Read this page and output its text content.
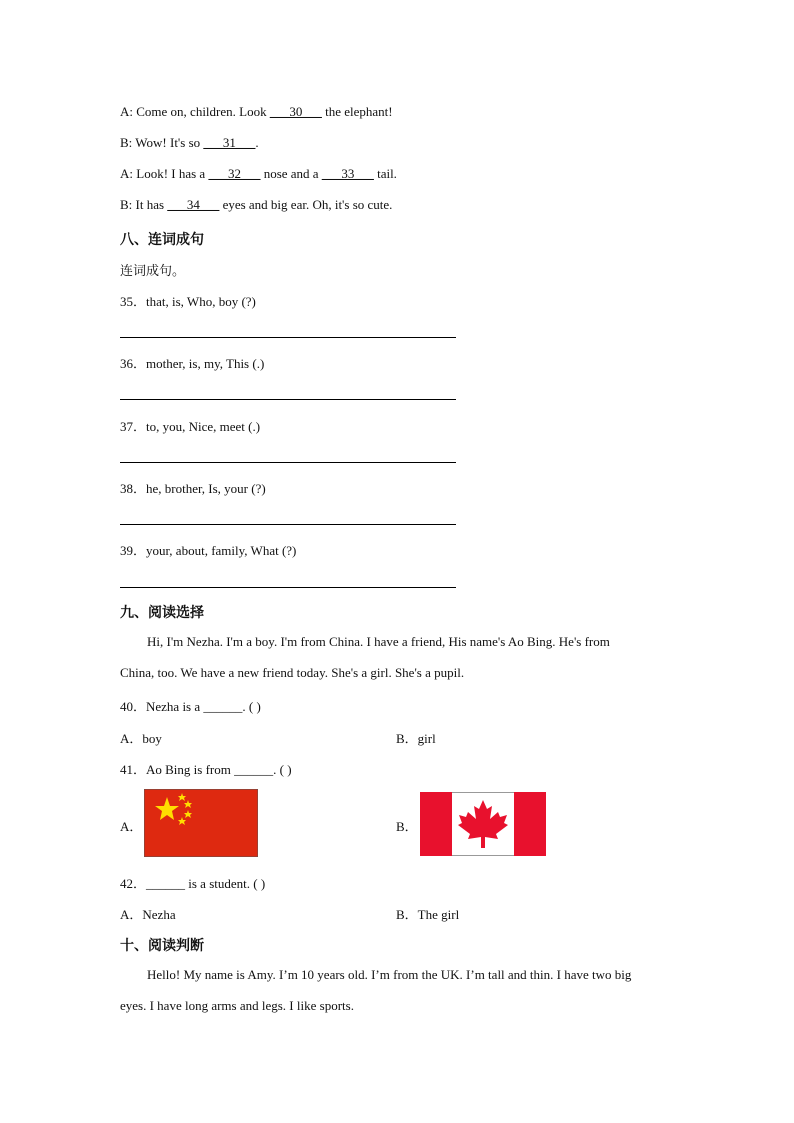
A: Come on, children. Look ___30___ the elephant!
B: Wow! It's so ___31___.
A: Look! I has a ___32___ nose and a ___33___ tail.
B: It has ___34___ eyes and big ear. Oh, it's so cute.
八、连词成句
连词成句。
35．that, is, Who, boy (?)
36．mother, is, my, This (.)
37．to, you, Nice, meet (.)
38．he, brother, Is, your (?)
39．your, about, family, What (?)
九、阅读选择
Hi, I'm Nezha. I'm a boy. I'm from China. I have a friend, His name's Ao Bing. He's from
China, too. We have a new friend today. She's a girl. She's a pupil.
40．Nezha is a ______. ( )
A．boy	B．girl
41．Ao Bing is from ______. ( )
A．	B．
42．______ is a student. ( )
A．Nezha	B．The girl
十、阅读判断
Hello! My name is Amy. I’m 10 years old. I’m from the UK. I’m tall and thin. I have two big
eyes. I have long arms and legs. I like sports.
